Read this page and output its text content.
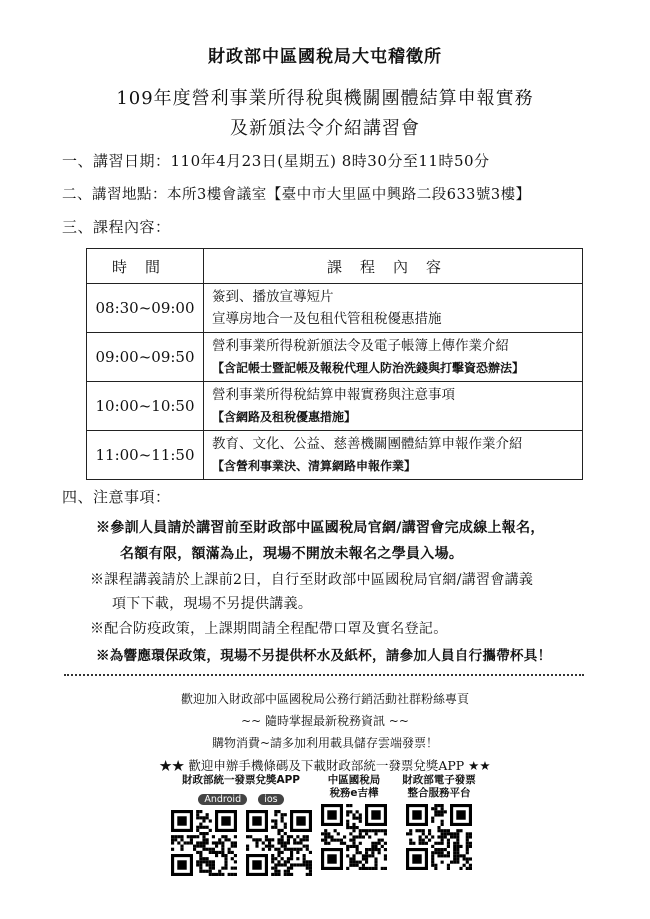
財政部中區國稅局大屯稽徵所
109年度營利事業所得稅與機關團體結算申報實務
及新頒法令介紹講習會
一、講習日期：110年4月23日(星期五) 8時30分至11時50分
二、講習地點：本所3樓會議室【臺中市大里區中興路二段633號3樓】
三、課程內容：
時間	課程內容
08:30~09:00	簽到、播放宣導短片
宣導房地合一及包租代管租稅優惠措施

09:00~09:50	營利事業所得稅新頒法令及電子帳簿上傳作業介紹
【含記帳士暨記帳及報稅代理人防治洗錢與打擊資恐辦法】

10:00~10:50	營利事業所得稅結算申報實務與注意事項
【含網路及租稅優惠措施】

11:00~11:50	教育、文化、公益、慈善機關團體結算申報作業介紹
【含營利事業決、清算網路申報作業】
四、注意事項：
※參訓人員請於講習前至財政部中區國稅局官網/講習會完成線上報名，
名額有限，額滿為止，現場不開放未報名之學員入場。
※課程講義請於上課前2日，自行至財政部中區國稅局官網/講習會講義
項下下載，現場不另提供講義。
※配合防疫政策，上課期間請全程配帶口罩及實名登記。
※為響應環保政策，現場不另提供杯水及紙杯，請參加人員自行攜帶杯具！
歡迎加入財政部中區國稅局公務行銷活動社群粉絲專頁
~~ 隨時掌握最新稅務資訊 ~~
購物消費~請多加利用載具儲存雲端發票！
★★ 歡迎申辦手機條碼及下載財政部統一發票兌獎APP ★★
財政部統一發票兌獎APP
Android ios
中區國稅局
稅務e吉樺
財政部電子發票
整合服務平台
